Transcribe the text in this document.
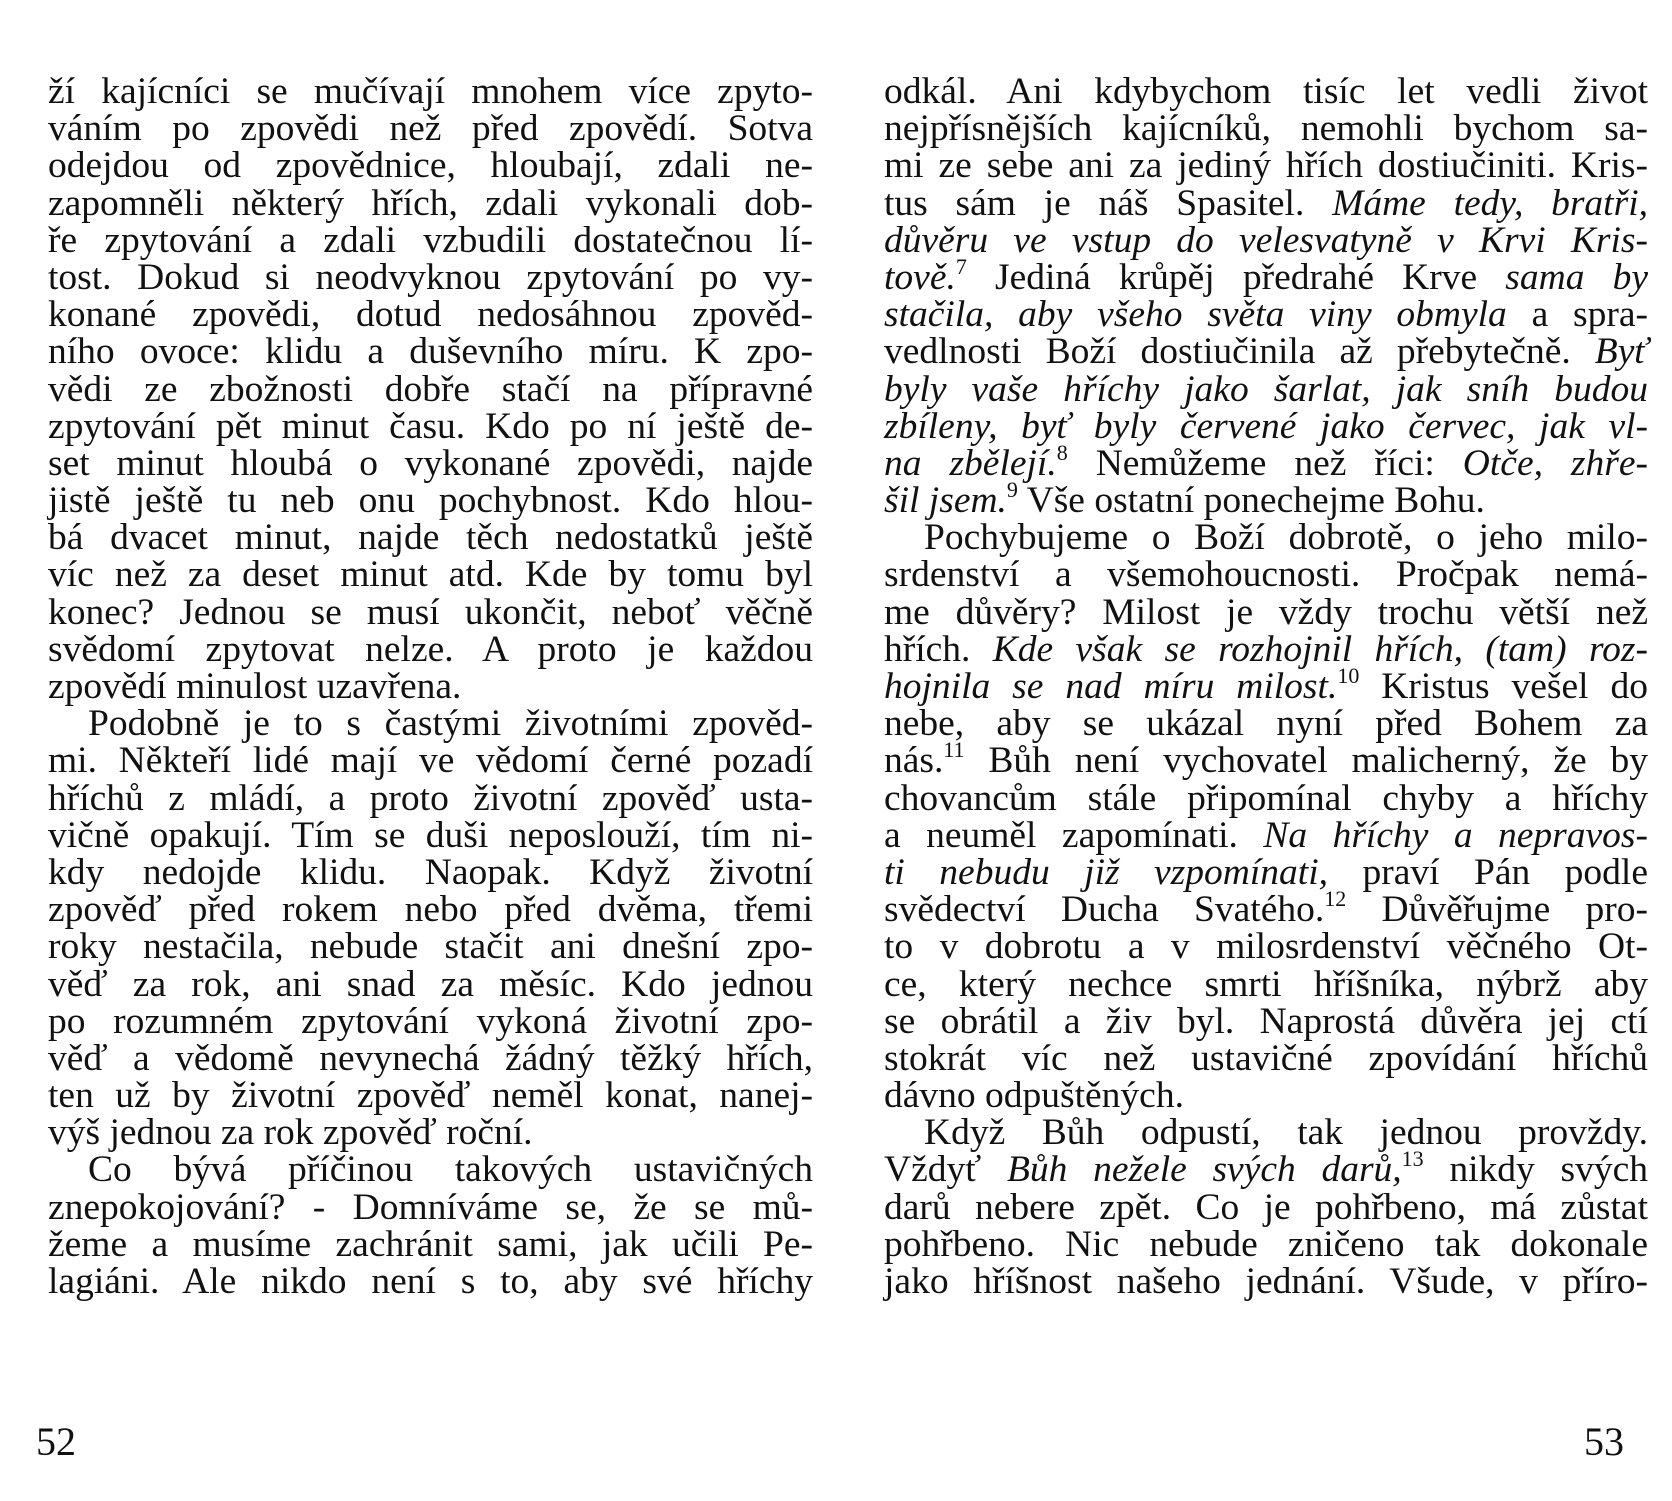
ží kajícníci se mučívají mnohem více zpyto-
váním po zpovědi než před zpovědí. Sotva
odejdou od zpovědnice, hloubají, zdali ne-
zapomněli některý hřích, zdali vykonali dob-
ře zpytování a zdali vzbudili dostatečnou lí-
tost. Dokud si neodvyknou zpytování po vy-
konané zpovědi, dotud nedosáhnou zpověd-
ního ovoce: klidu a duševního míru. K zpo-
vědi ze zbožnosti dobře stačí na přípravné
zpytování pět minut času. Kdo po ní ještě de-
set minut hloubá o vykonané zpovědi, najde
jistě ještě tu neb onu pochybnost. Kdo hlou-
bá dvacet minut, najde těch nedostatků ještě
víc než za deset minut atd. Kde by tomu byl
konec? Jednou se musí ukončit, neboť věčně
svědomí zpytovat nelze. A proto je každou
zpovědí minulost uzavřena.
Podobně je to s častými životními zpověd-
mi. Někteří lidé mají ve vědomí černé pozadí
hříchů z mládí, a proto životní zpověď usta-
vičně opakují. Tím se duši neposlouží, tím ni-
kdy nedojde klidu. Naopak. Když životní
zpověď před rokem nebo před dvěma, třemi
roky nestačila, nebude stačit ani dnešní zpo-
věď za rok, ani snad za měsíc. Kdo jednou
po rozumném zpytování vykoná životní zpo-
věď a vědomě nevynechá žádný těžký hřích,
ten už by životní zpověď neměl konat, nanej-
výš jednou za rok zpověď roční.
Co bývá příčinou takových ustavičných
znepokojování? - Domníváme se, že se mů-
žeme a musíme zachránit sami, jak učili Pe-
lagiáni. Ale nikdo není s to, aby své hříchy
52
odkál. Ani kdybychom tisíc let vedli život
nejpřísnějších kajícníků, nemohli bychom sa-
mi ze sebe ani za jediný hřích dostiučiniti. Kris-
tus sám je náš Spasitel. Máme tedy, bratři,
důvěru ve vstup do velesvatyně v Krvi Kris-
tově.$^7$ Jediná krůpěj předrahé Krve sama by
stačila, aby všeho světa viny obmyla a spra-
vedlnosti Boží dostiučinila až přebytečně. Byť
byly vaše hříchy jako šarlat, jak sníh budou
zbíleny, byť byly červené jako červec, jak vl-
na zbělejí.$^8$ Nemůžeme než říci: Otče, zhře-
šil jsem.$^9$ Vše ostatní ponechejme Bohu.
Pochybujeme o Boží dobrotě, o jeho milo-
srdenství a všemohoucnosti. Pročpak nemá-
me důvěry? Milost je vždy trochu větší než
hřích. Kde však se rozhojnil hřích, (tam) roz-
hojnila se nad míru milost.$^{10}$ Kristus vešel do
nebe, aby se ukázal nyní před Bohem za
nás.$^{11}$ Bůh není vychovatel malicherný, že by
chovancům stále připomínal chyby a hříchy
a neuměl zapomínati. Na hříchy a nepravos-
ti nebudu již vzpomínati, praví Pán podle
svědectví Ducha Svatého.$^{12}$ Důvěřujme pro-
to v dobrotu a v milosrdenství věčného Ot-
ce, který nechce smrti hříšníka, nýbrž aby
se obrátil a živ byl. Naprostá důvěra jej ctí
stokrát víc než ustavičné zpovídání hříchů
dávno odpuštěných.
Když Bůh odpustí, tak jednou provždy.
Vždyť Bůh nežele svých darů,$^{13}$ nikdy svých
darů nebere zpět. Co je pohřbeno, má zůstat
pohřbeno. Nic nebude zničeno tak dokonale
jako hříšnost našeho jednání. Všude, v příro-
53
